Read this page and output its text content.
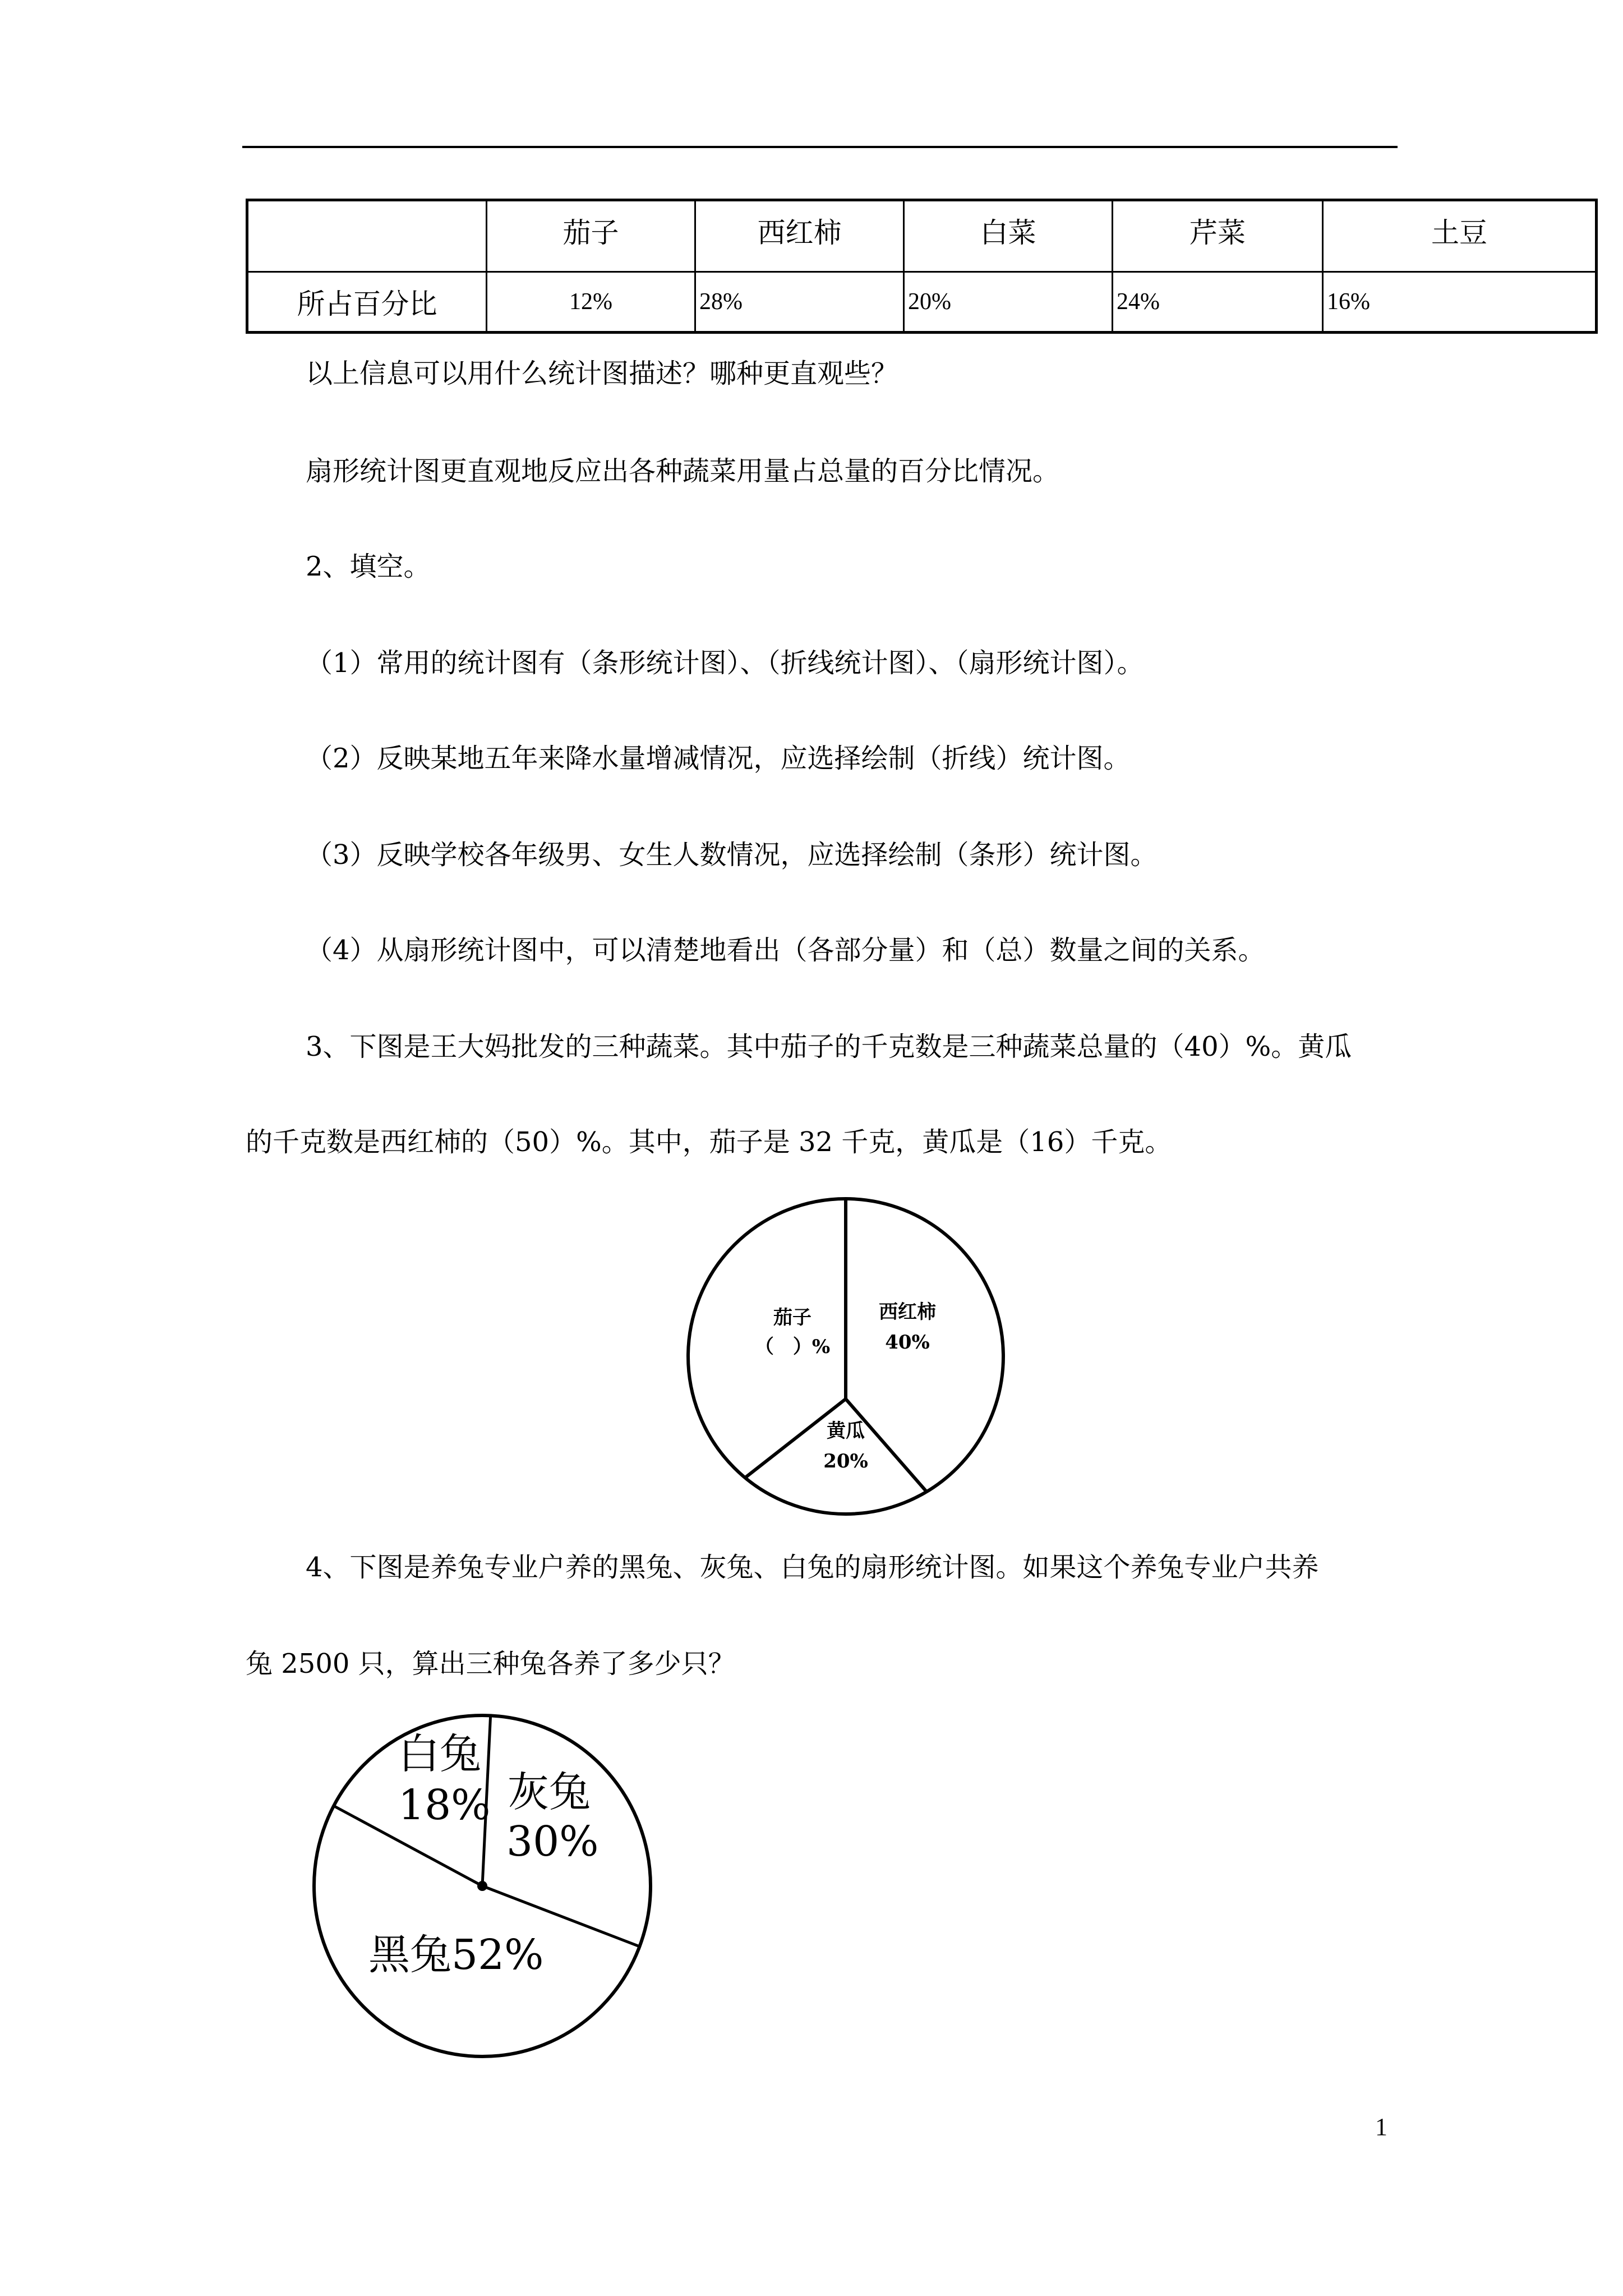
	茄子	西红柿	白菜	芹菜	土豆
所占百分比	12%	28%	20%	24%	16%
以上信息可以用什么统计图描述？哪种更直观些？
扇形统计图更直观地反应出各种蔬菜用量占总量的百分比情况。
2、填空。
（1）常用的统计图有（条形统计图）、（折线统计图）、（扇形统计图）。
（2）反映某地五年来降水量增减情况，应选择绘制（折线）统计图。
（3）反映学校各年级男、女生人数情况，应选择绘制（条形）统计图。
（4）从扇形统计图中，可以清楚地看出（各部分量）和（总）数量之间的关系。
3、下图是王大妈批发的三种蔬菜。其中茄子的千克数是三种蔬菜总量的（40）%。黄瓜
的千克数是西红柿的（50）%。其中，茄子是 32 千克，黄瓜是（16）千克。
茄子
（　）%
西红柿
40%
黄瓜
20%
4、下图是养兔专业户养的黑兔、灰兔、白兔的扇形统计图。如果这个养兔专业户共养
兔 2500 只，算出三种兔各养了多少只？
白兔
18% 灰兔
30%
黑兔52%
1
